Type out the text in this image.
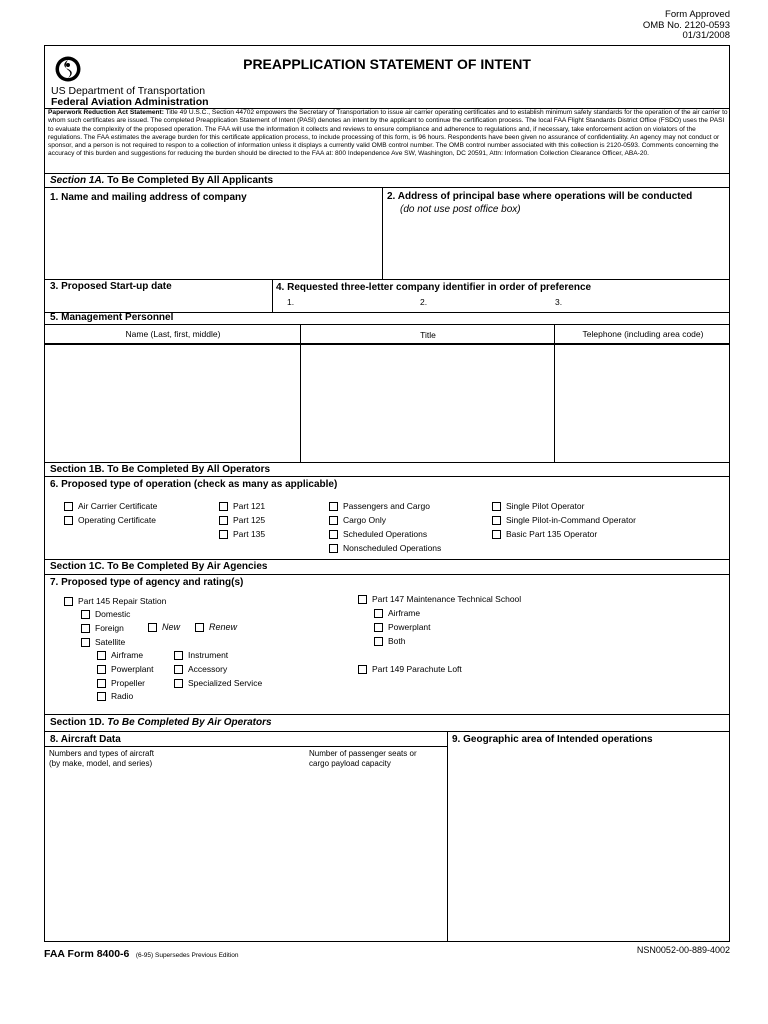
Form Approved
OMB No. 2120-0593
01/31/2008
PREAPPLICATION STATEMENT OF INTENT
US Department of Transportation
Federal Aviation Administration
Paperwork Reduction Act Statement: Title 49 U.S.C., Section 44702 empowers the Secretary of Transportation to issue air carrier operating certificates and to establish minimum safety standards for the operation of the air carrier to whom such certificates are issued. The completed Preapplication Statement of Intent (PASI) denotes an intent by the applicant to continue the certification process. The local FAA Flight Standards District Office (FSDO) uses the PASI to evaluate the complexity of the proposed operation. The FAA will use the information it collects and reviews to ensure compliance and adherence to regulations and, if necessary, take enforcement action on violators of the regulations. The FAA estimates the average burden for this certificate application process, to include processing of this form, is 96 hours. Respondents have been given no assurance of confidentiality. An agency may not conduct or sponsor, and a person is not required to respon to a collection of information unless it displays a currently valid OMB control number. The OMB control number associated with this collection is 2120-0593. Comments concerning the accuracy of this burden and suggestions for reducing the burden should be directed to the FAA at: 800 Independence Ave SW, Washington, DC 20591, Attn: Information Collection Clearance Officer, ABA-20.
Section 1A. To Be Completed By All Applicants
1. Name and mailing address of company	2. Address of principal base where operations will be conducted
(do not use post office box)
3. Proposed Start-up date	4. Requested three-letter company identifier in order of preference
1.	2.	3.
5. Management Personnel
Name (Last, first, middle)	Title	Telephone (including area code)
Section 1B. To Be Completed By All Operators
6. Proposed type of operation (check as many as applicable)
Air Carrier Certificate
Operating Certificate
Part 121
Part 125
Part 135
Passengers and Cargo
Cargo Only
Scheduled Operations
Nonscheduled Operations
Single Pilot Operator
Single Pilot-in-Command Operator
Basic Part 135 Operator
Section 1C. To Be Completed By Air Agencies
7. Proposed type of agency and rating(s)
Part 145 Repair Station
Domestic
Foreign	New	Renew
Satellite
Airframe	Instrument
Powerplant	Accessory
Propeller	Specialized Service
Radio
Part 147 Maintenance Technical School
Airframe
Powerplant
Both
Part 149 Parachute Loft
Section 1D. To Be Completed By Air Operators
8. Aircraft Data	9. Geographic area of Intended operations
Numbers and types of aircraft
(by make, model, and series)
Number of passenger seats or
cargo payload capacity
FAA Form 8400-6 (6-95) Supersedes Previous Edition
NSN0052-00-889-4002
